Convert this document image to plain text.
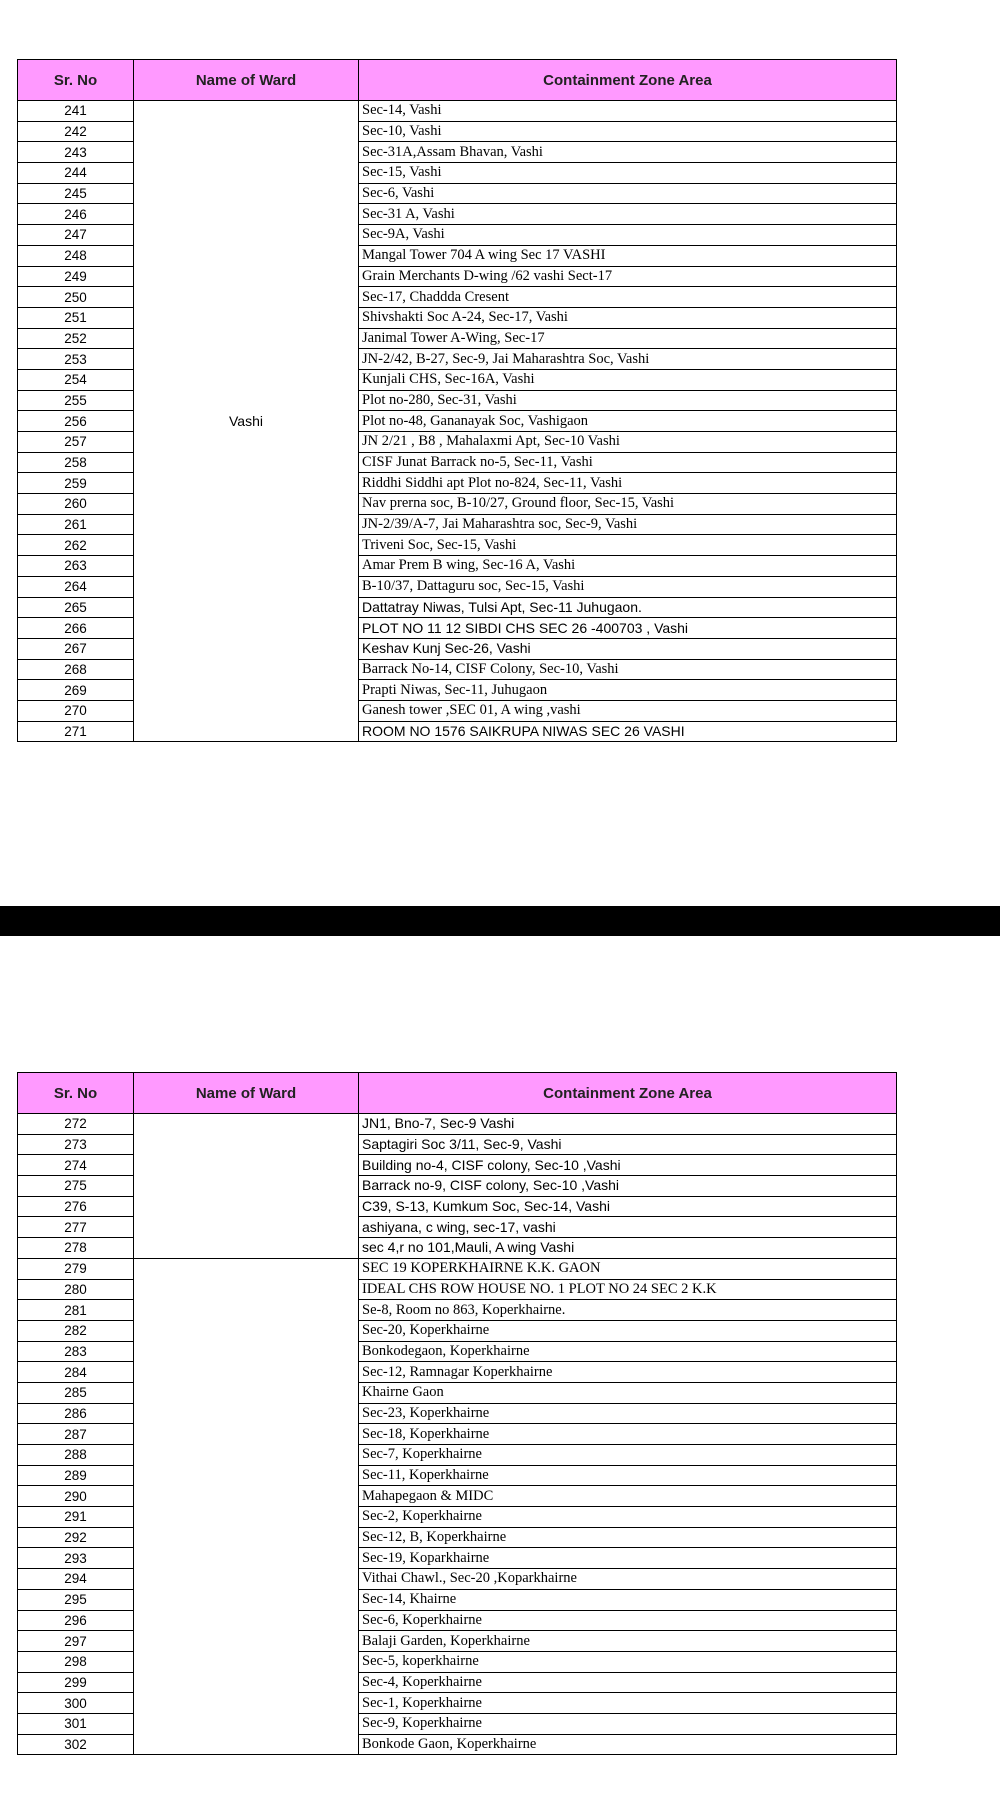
Sr. No	Name of Ward	Containment Zone Area
241	Vashi	Sec-14, Vashi
242		Sec-10, Vashi
243		Sec-31A,Assam Bhavan, Vashi
244		Sec-15, Vashi
245		Sec-6, Vashi
246		Sec-31 A, Vashi
247		Sec-9A, Vashi
248		Mangal Tower 704 A wing Sec 17 VASHI
249		Grain Merchants D-wing /62 vashi Sect-17
250		Sec-17, Chaddda Cresent
251		Shivshakti Soc A-24, Sec-17, Vashi
252		Janimal Tower A-Wing, Sec-17
253		JN-2/42, B-27, Sec-9, Jai Maharashtra Soc, Vashi
254		Kunjali CHS, Sec-16A, Vashi
255		Plot no-280, Sec-31, Vashi
256		Plot no-48, Gananayak Soc, Vashigaon
257		JN 2/21 , B8 , Mahalaxmi Apt, Sec-10 Vashi
258		CISF Junat Barrack no-5, Sec-11, Vashi
259		Riddhi Siddhi apt Plot no-824, Sec-11, Vashi
260		Nav prerna soc, B-10/27, Ground floor, Sec-15, Vashi
261		JN-2/39/A-7, Jai Maharashtra soc, Sec-9, Vashi
262		Triveni Soc, Sec-15, Vashi
263		Amar Prem B wing, Sec-16 A, Vashi
264		B-10/37, Dattaguru soc, Sec-15, Vashi
265		Dattatray Niwas, Tulsi Apt, Sec-11 Juhugaon.
266		PLOT NO 11 12 SIBDI CHS SEC 26 -400703 , Vashi
267		Keshav Kunj Sec-26, Vashi
268		Barrack No-14, CISF Colony, Sec-10, Vashi
269		Prapti Niwas, Sec-11, Juhugaon
270		Ganesh tower ,SEC 01, A wing ,vashi
271		ROOM NO 1576 SAIKRUPA NIWAS SEC 26 VASHI
Sr. No	Name of Ward	Containment Zone Area
272		JN1, Bno-7, Sec-9 Vashi
273		Saptagiri Soc 3/11, Sec-9, Vashi
274		Building no-4, CISF colony, Sec-10 ,Vashi
275		Barrack no-9, CISF colony, Sec-10 ,Vashi
276		C39, S-13, Kumkum Soc, Sec-14, Vashi
277		ashiyana, c wing, sec-17, vashi
278		sec 4,r no 101,Mauli, A wing Vashi
279		SEC 19 KOPERKHAIRNE K.K. GAON
280		IDEAL CHS ROW HOUSE NO. 1 PLOT NO 24 SEC 2 K.K
281		Se-8, Room no 863, Koperkhairne.
282		Sec-20, Koperkhairne
283		Bonkodegaon, Koperkhairne
284		Sec-12, Ramnagar Koperkhairne
285		Khairne Gaon
286		Sec-23, Koperkhairne
287		Sec-18, Koperkhairne
288		Sec-7, Koperkhairne
289		Sec-11, Koperkhairne
290		Mahapegaon & MIDC
291		Sec-2, Koperkhairne
292		Sec-12, B, Koperkhairne
293		Sec-19, Koparkhairne
294		Vithai Chawl., Sec-20 ,Koparkhairne
295		Sec-14, Khairne
296		Sec-6, Koperkhairne
297		Balaji Garden, Koperkhairne
298		Sec-5, koperkhairne
299		Sec-4, Koperkhairne
300		Sec-1, Koperkhairne
301		Sec-9, Koperkhairne
302		Bonkode Gaon, Koperkhairne
